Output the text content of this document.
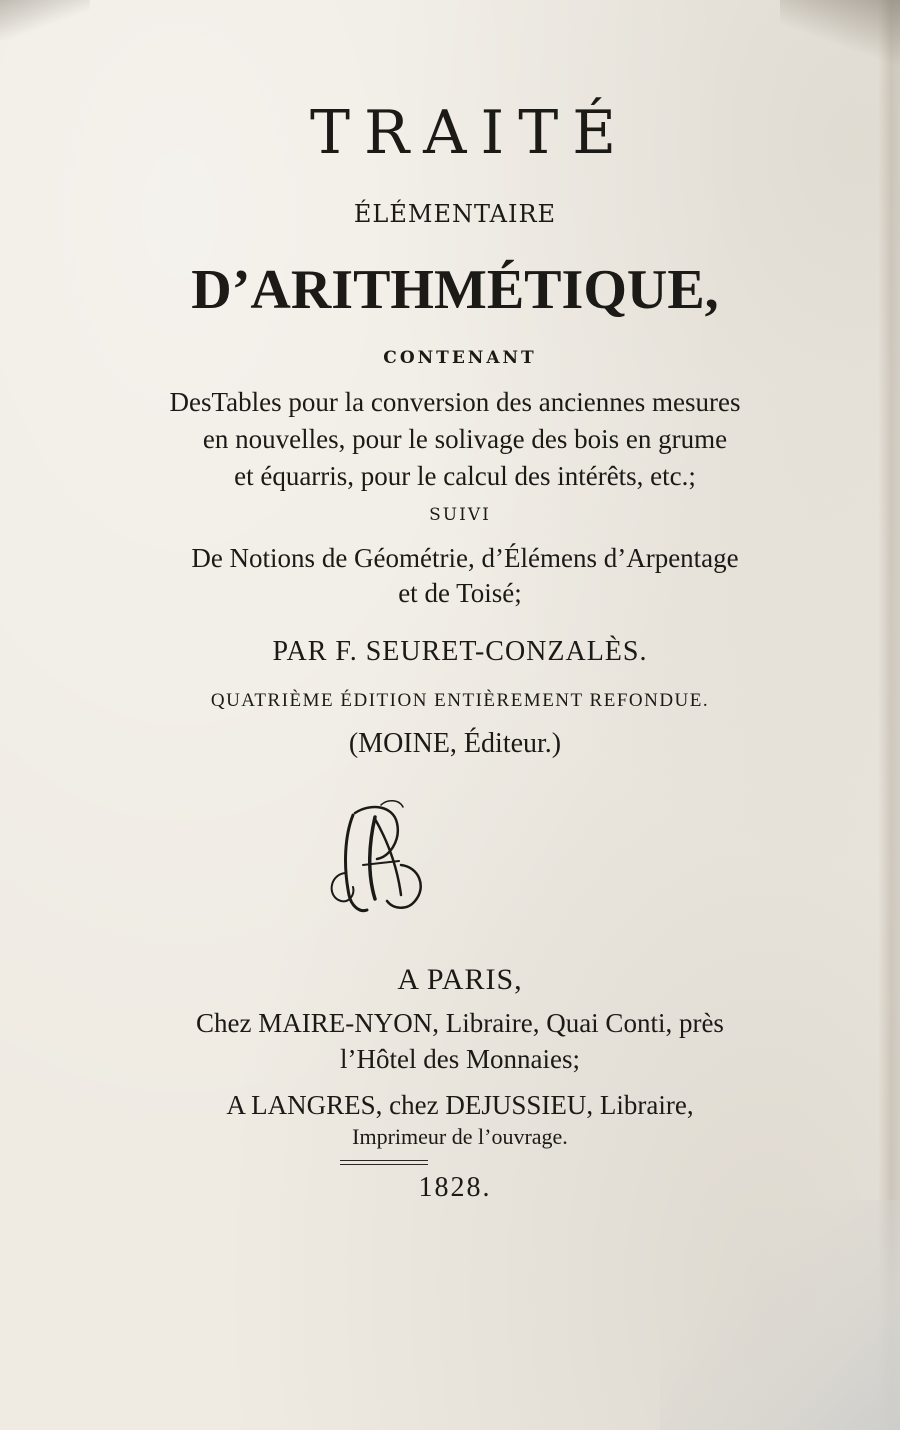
TRAITÉ
ÉLÉMENTAIRE
D’ARITHMÉTIQUE,
CONTENANT
DesTables pour la conversion des anciennes mesures
en nouvelles, pour le solivage des bois en grume
et équarris, pour le calcul des intérêts, etc.;
SUIVI
De Notions de Géométrie, d’Élémens d’Arpentage
et de Toisé;
PAR F. SEURET-CONZALÈS.
QUATRIÈME ÉDITION ENTIÈREMENT REFONDUE.
(MOINE, Éditeur.)
A PARIS,
Chez MAIRE-NYON, Libraire, Quai Conti, près
l’Hôtel des Monnaies;
A LANGRES, chez DEJUSSIEU, Libraire,
Imprimeur de l’ouvrage.
1828.
